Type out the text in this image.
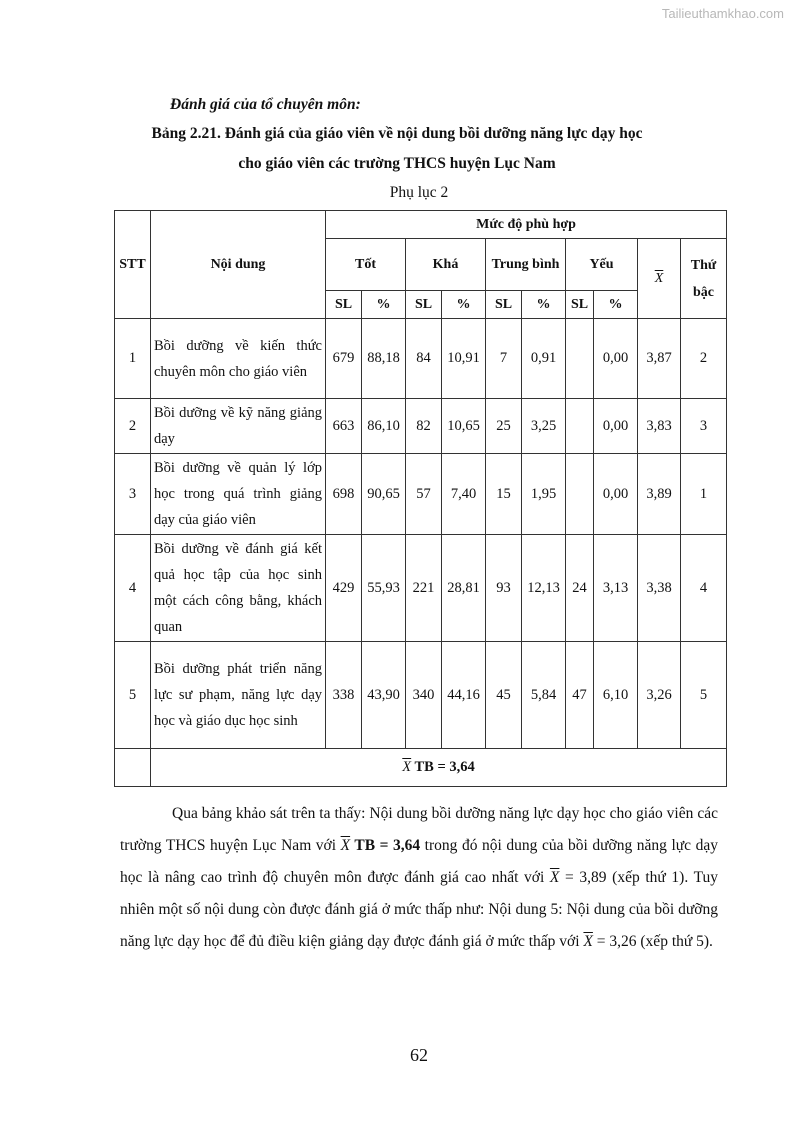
Tailieuthamkhao.com
Đánh giá của tổ chuyên môn:
Bảng 2.21. Đánh giá của giáo viên về nội dung bồi dưỡng năng lực dạy học
cho giáo viên các trường THCS huyện Lục Nam
Phụ lục 2
STT	Nội dung	Mức độ phù hợp									
		Tốt		Khá		Trung bình		Yếu		$\overline{X}$	Thứ bậc
		SL	%	SL	%	SL	%	SL	%		
1	Bồi dưỡng về kiến thức chuyên môn cho giáo viên	679	88,18	84	10,91	7	0,91		0,00	3,87	2
2	Bồi dưỡng về kỹ năng giảng dạy	663	86,10	82	10,65	25	3,25		0,00	3,83	3
3	Bồi dưỡng về quản lý lớp học trong quá trình giảng dạy của giáo viên	698	90,65	57	7,40	15	1,95		0,00	3,89	1
4	Bồi dưỡng về đánh giá kết quả học tập của học sinh một cách công bằng, khách quan	429	55,93	221	28,81	93	12,13	24	3,13	3,38	4
5	Bồi dưỡng phát triển năng lực sư phạm, năng lực dạy học và giáo dục học sinh	338	43,90	340	44,16	45	5,84	47	6,10	3,26	5
	$\overline{X}$ TB = 3,64										
Qua bảng khảo sát trên ta thấy: Nội dung bồi dưỡng năng lực dạy học cho giáo viên các trường THCS huyện Lục Nam với $\overline{X}$ TB = 3,64 trong đó nội dung của bồi dưỡng năng lực dạy học là nâng cao trình độ chuyên môn được đánh giá cao nhất với $\overline{X} = 3,89$ (xếp thứ 1). Tuy nhiên một số nội dung còn được đánh giá ở mức thấp như: Nội dung 5: Nội dung của bồi dưỡng năng lực dạy học để đủ điều kiện giảng dạy được đánh giá ở mức thấp với $\overline{X} = 3,26$ (xếp thứ 5).
62
